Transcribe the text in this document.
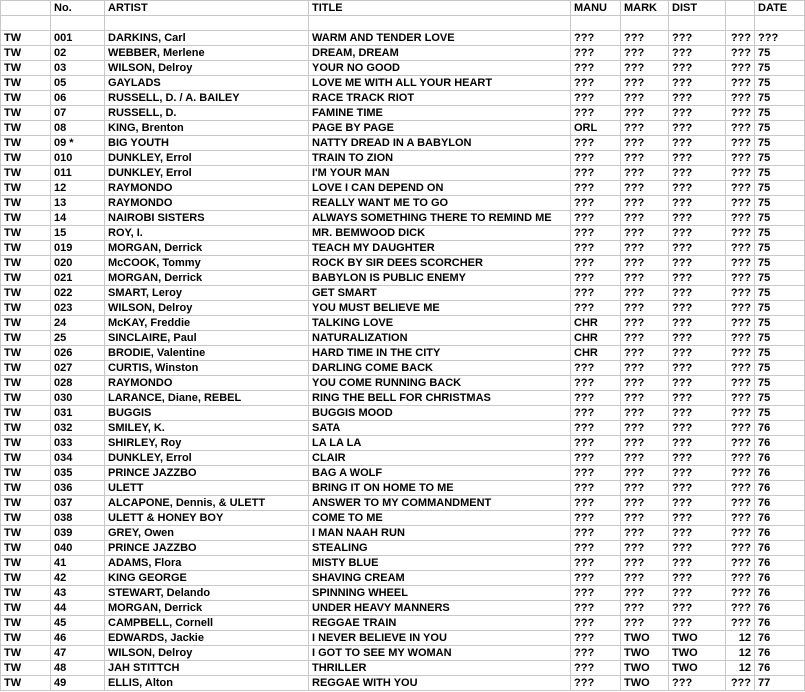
	No.	ARTIST	TITLE	MANU	MARK	DIST		DATE

TW	001	DARKINS, Carl	WARM AND TENDER LOVE	???	???	???	???	???
TW	02	WEBBER, Merlene	DREAM, DREAM	???	???	???	???	75
TW	03	WILSON, Delroy	YOUR NO GOOD	???	???	???	???	75
TW	05	GAYLADS	LOVE ME WITH ALL YOUR HEART	???	???	???	???	75
TW	06	RUSSELL, D. / A. BAILEY	RACE TRACK RIOT	???	???	???	???	75
TW	07	RUSSELL, D.	FAMINE TIME	???	???	???	???	75
TW	08	KING, Brenton	PAGE BY PAGE	ORL	???	???	???	75
TW	09 *	BIG YOUTH	NATTY DREAD IN A BABYLON	???	???	???	???	75
TW	010	DUNKLEY, Errol	TRAIN TO ZION	???	???	???	???	75
TW	011	DUNKLEY, Errol	I'M YOUR MAN	???	???	???	???	75
TW	12	RAYMONDO	LOVE I CAN DEPEND ON	???	???	???	???	75
TW	13	RAYMONDO	REALLY WANT ME TO GO	???	???	???	???	75
TW	14	NAIROBI SISTERS	ALWAYS SOMETHING THERE TO REMIND ME	???	???	???	???	75
TW	15	ROY, I.	MR. BEMWOOD DICK	???	???	???	???	75
TW	019	MORGAN, Derrick	TEACH MY DAUGHTER	???	???	???	???	75
TW	020	McCOOK, Tommy	ROCK BY SIR DEES SCORCHER	???	???	???	???	75
TW	021	MORGAN, Derrick	BABYLON IS PUBLIC ENEMY	???	???	???	???	75
TW	022	SMART, Leroy	GET SMART	???	???	???	???	75
TW	023	WILSON, Delroy	YOU MUST BELIEVE ME	???	???	???	???	75
TW	24	McKAY, Freddie	TALKING LOVE	CHR	???	???	???	75
TW	25	SINCLAIRE, Paul	NATURALIZATION	CHR	???	???	???	75
TW	026	BRODIE, Valentine	HARD TIME IN THE CITY	CHR	???	???	???	75
TW	027	CURTIS, Winston	DARLING COME BACK	???	???	???	???	75
TW	028	RAYMONDO	YOU COME RUNNING BACK	???	???	???	???	75
TW	030	LARANCE, Diane, REBEL	RING THE BELL FOR CHRISTMAS	???	???	???	???	75
TW	031	BUGGIS	BUGGIS MOOD	???	???	???	???	75
TW	032	SMILEY, K.	SATA	???	???	???	???	76
TW	033	SHIRLEY, Roy	LA LA LA	???	???	???	???	76
TW	034	DUNKLEY, Errol	CLAIR	???	???	???	???	76
TW	035	PRINCE JAZZBO	BAG A WOLF	???	???	???	???	76
TW	036	ULETT	BRING IT ON HOME TO ME	???	???	???	???	76
TW	037	ALCAPONE, Dennis, & ULETT	ANSWER TO MY COMMANDMENT	???	???	???	???	76
TW	038	ULETT & HONEY BOY	COME TO ME	???	???	???	???	76
TW	039	GREY, Owen	I MAN NAAH RUN	???	???	???	???	76
TW	040	PRINCE JAZZBO	STEALING	???	???	???	???	76
TW	41	ADAMS, Flora	MISTY BLUE	???	???	???	???	76
TW	42	KING GEORGE	SHAVING CREAM	???	???	???	???	76
TW	43	STEWART, Delando	SPINNING WHEEL	???	???	???	???	76
TW	44	MORGAN, Derrick	UNDER HEAVY MANNERS	???	???	???	???	76
TW	45	CAMPBELL, Cornell	REGGAE TRAIN	???	???	???	???	76
TW	46	EDWARDS, Jackie	I NEVER BELIEVE IN YOU	???	TWO	TWO	12	76
TW	47	WILSON, Delroy	I GOT TO SEE MY WOMAN	???	TWO	TWO	12	76
TW	48	JAH STITTCH	THRILLER	???	TWO	TWO	12	76
TW	49	ELLIS, Alton	REGGAE WITH YOU	???	TWO	???	???	77
